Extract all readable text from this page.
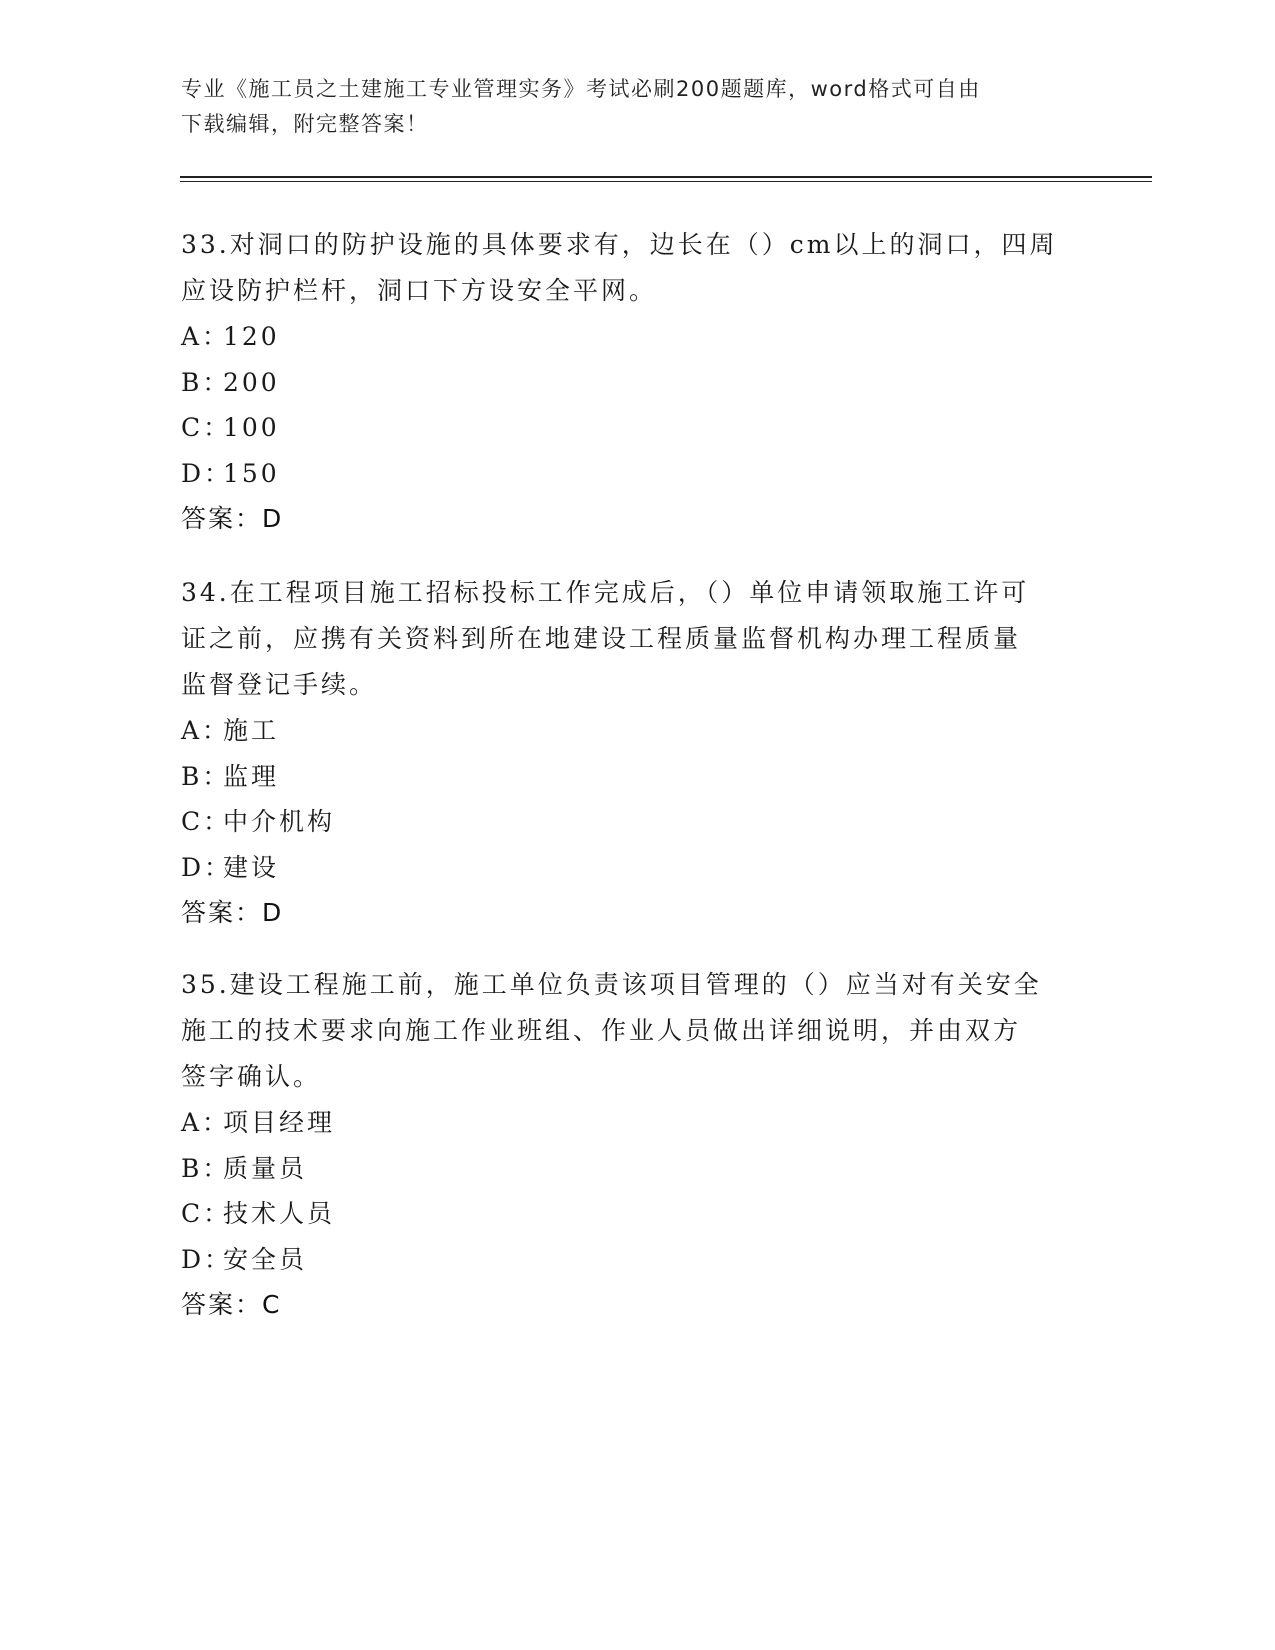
专业《施工员之土建施工专业管理实务》考试必刷200题题库，word格式可自由
下载编辑，附完整答案！
33.对洞口的防护设施的具体要求有，边长在（）cm以上的洞口，四周
应设防护栏杆，洞口下方设安全平网。
A：120
B：200
C：100
D：150
答案：D
34.在工程项目施工招标投标工作完成后，（）单位申请领取施工许可
证之前，应携有关资料到所在地建设工程质量监督机构办理工程质量
监督登记手续。
A：施工
B：监理
C：中介机构
D：建设
答案：D
35.建设工程施工前，施工单位负责该项目管理的（）应当对有关安全
施工的技术要求向施工作业班组、作业人员做出详细说明，并由双方
签字确认。
A：项目经理
B：质量员
C：技术人员
D：安全员
答案：C
